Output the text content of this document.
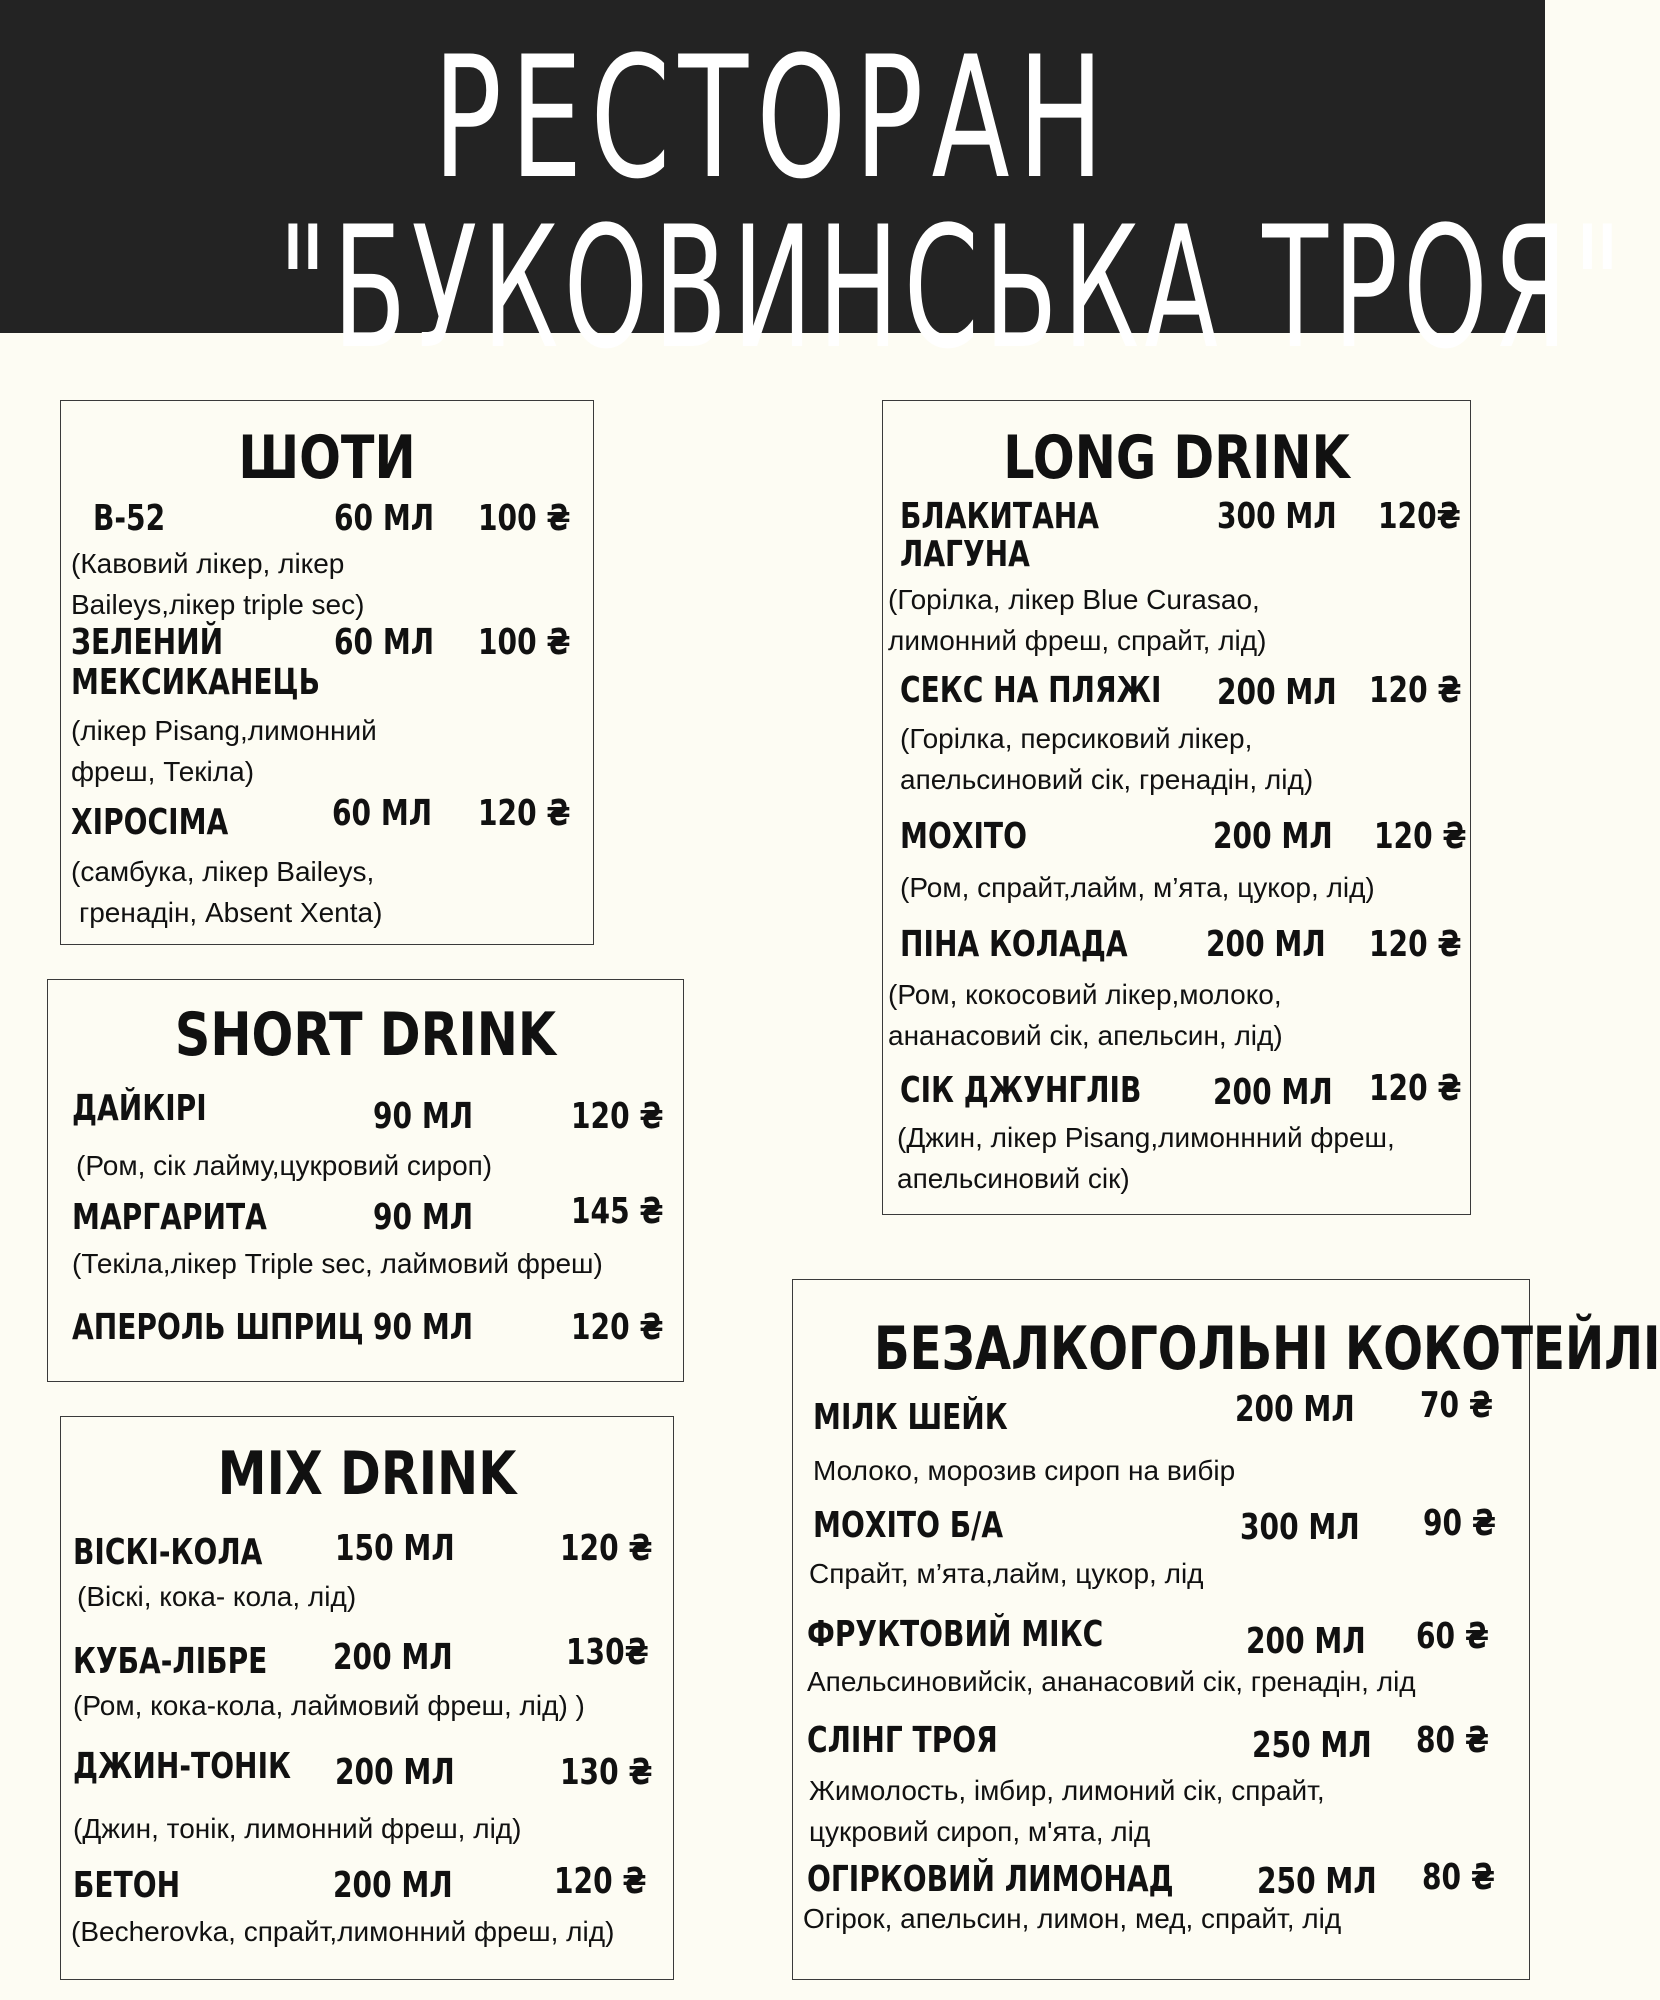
РЕСТОРАН
"БУКОВИНСЬКА ТРОЯ"
ШОТИ
B-52	60 МЛ 100 ₴
(Кавовий лікер, лікер
Baileys,лікер triple sec)
ЗЕЛЕНИЙ
МЕКСИКАНЕЦЬ
60 МЛ 100 ₴
(лікер Pisang,лимонний
фреш, Текіла)
ХІРОСІМА	60 МЛ 120 ₴
(самбука, лікер Baileys,
гренадін, Absent Xenta)
SHORT DRINK
ДАЙКІРІ	90 МЛ	120 ₴
(Ром, сік лайму,цукровий сироп)
МАРГАРИТА	90 МЛ	145 ₴
(Текіла,лікер Triple sec, лаймовий фреш)
АПЕРОЛЬ ШПРИЦ 90 МЛ	120 ₴
MIX DRINK
ВІСКІ-КОЛА 150 МЛ	120 ₴
(Віскі, кока- кола, лід)
КУБА-ЛІБРЕ 200 МЛ	130₴
(Ром, кока-кола, лаймовий фреш, лід) )
ДЖИН-ТОНІК 200 МЛ	130 ₴
(Джин, тонік, лимонний фреш, лід)
БЕТОН	200 МЛ	120 ₴
(Becherovka, спрайт,лимонний фреш, лід)
LONG DRINK
БЛАКИТАНА
ЛАГУНА
300 МЛ 120₴
(Горілка, лікер Blue Curasao,
лимонний фреш, спрайт, лід)
СЕКС НА ПЛЯЖІ 200 МЛ 120 ₴
(Горілка, персиковий лікер,
апельсиновий сік, гренадін, лід)
МОХІТО	200 МЛ 120 ₴
(Ром, спрайт,лайм, м’ята, цукор, лід)
ПІНА КОЛАДА 200 МЛ 120 ₴
(Ром, кокосовий лікер,молоко,
ананасовий сік, апельсин, лід)
СІК ДЖУНГЛІВ 200 МЛ 120 ₴
(Джин, лікер Pisang,лимоннний фреш,
апельсиновий сік)
БЕЗАЛКОГОЛЬНІ КОКОТЕЙЛІ
МІЛК ШЕЙК	200 МЛ 70 ₴
Молоко, морозив сироп на вибір
МОХІТО Б/А	300 МЛ 90 ₴
Спрайт, м’ята,лайм, цукор, лід
ФРУКТОВИЙ МІКС	200 МЛ 60 ₴
Апельсиновийсік, ананасовий сік, гренадін, лід
СЛІНГ ТРОЯ	250 МЛ 80 ₴
Жимолость, імбир, лимоний сік, спрайт,
цукровий сироп, м'ята, лід
ОГІРКОВИЙ ЛИМОНАД 250 МЛ 80 ₴
Огірок, апельсин, лимон, мед, спрайт, лід
